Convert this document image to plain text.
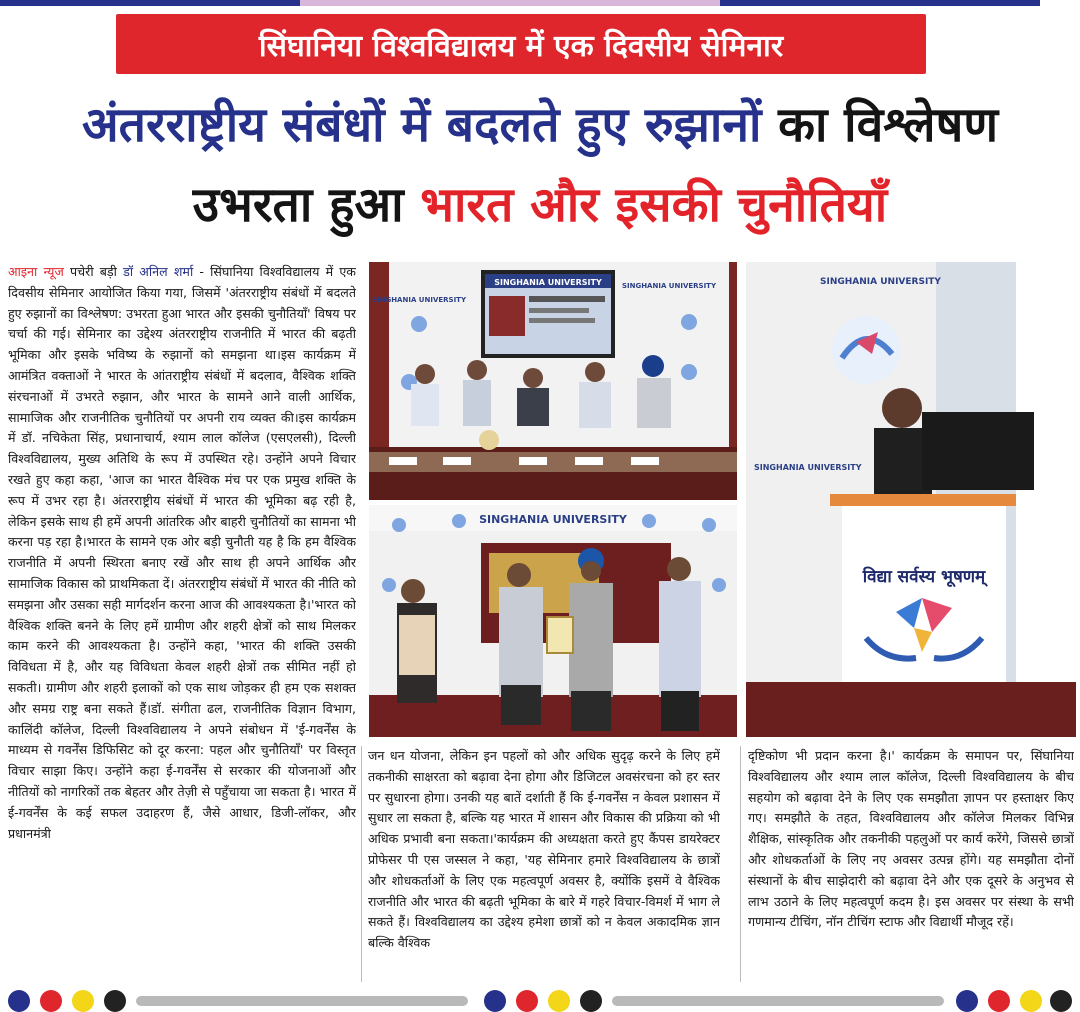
सिंघानिया विश्वविद्यालय में एक दिवसीय सेमिनार
अंतरराष्ट्रीय संबंधों में बदलते हुए रुझानों का विश्लेषण
उभरता हुआ भारत और इसकी चुनौतियाँ
आइना न्यूज पचेरी बड़ी डॉ अनिल शर्मा - सिंघानिया विश्वविद्यालय में एक दिवसीय सेमिनार आयोजित किया गया, जिसमें 'अंतरराष्ट्रीय संबंधों में बदलते हुए रुझानों का विश्लेषण: उभरता हुआ भारत और इसकी चुनौतियाँ' विषय पर चर्चा की गई। सेमिनार का उद्देश्य अंतरराष्ट्रीय राजनीति में भारत की बढ़ती भूमिका और इसके भविष्य के रुझानों को समझना था।इस कार्यक्रम में आमंत्रित वक्ताओं ने भारत के आंतराष्ट्रीय संबंधों में बदलाव, वैश्विक शक्ति संरचनाओं में उभरते रुझान, और भारत के सामने आने वाली आर्थिक, सामाजिक और राजनीतिक चुनौतियों पर अपनी राय व्यक्त की।इस कार्यक्रम में डॉ. नचिकेता सिंह, प्रधानाचार्य, श्याम लाल कॉलेज (एसएलसी), दिल्ली विश्वविद्यालय, मुख्य अतिथि के रूप में उपस्थित रहे। उन्होंने अपने विचार रखते हुए कहा कहा, 'आज का भारत वैश्विक मंच पर एक प्रमुख शक्ति के रूप में उभर रहा है। अंतरराष्ट्रीय संबंधों में भारत की भूमिका बढ़ रही है, लेकिन इसके साथ ही हमें अपनी आंतरिक और बाहरी चुनौतियों का सामना भी करना पड़ रहा है।भारत के सामने एक ओर बड़ी चुनौती यह है कि हम वैश्विक राजनीति में अपनी स्थिरता बनाए रखें और साथ ही अपने आर्थिक और सामाजिक विकास को प्राथमिकता दें। अंतरराष्ट्रीय संबंधों में भारत की नीति को समझना और उसका सही मार्गदर्शन करना आज की आवश्यकता है।'भारत को वैश्विक शक्ति बनने के लिए हमें ग्रामीण और शहरी क्षेत्रों को साथ मिलकर काम करने की आवश्यकता है। उन्होंने कहा, 'भारत की शक्ति उसकी विविधता में है, और यह विविधता केवल शहरी क्षेत्रों तक सीमित नहीं हो सकती। ग्रामीण और शहरी इलाकों को एक साथ जोड़कर ही हम एक सशक्त और समग्र राष्ट्र बना सकते हैं।डॉ. संगीता ढल, राजनीतिक विज्ञान विभाग, कालिंदी कॉलेज, दिल्ली विश्वविद्यालय ने अपने संबोधन में 'ई-गवर्नेंस के माध्यम से गवर्नेंस डिफिसिट को दूर करना: पहल और चुनौतियाँ' पर विस्तृत विचार साझा किए। उन्होंने कहा ई-गवर्नेंस से सरकार की योजनाओं और नीतियों को नागरिकों तक बेहतर और तेज़ी से पहुँचाया जा सकता है। भारत में ई-गवर्नेंस के कई सफल उदाहरण हैं, जैसे आधार, डिजी-लॉकर, और प्रधानमंत्री
SINGHANIA UNIVERSITY	SINGHANIA UNIVERSITY
SINGHANIA UNIVERSITY
SINGHANIA UNIVERSITY
SINGHANIA UNIVERSITY
SINGHANIA UNIVERSITY
विद्या सर्वस्य भूषणम्
जन धन योजना, लेकिन इन पहलों को और अधिक सुदृढ़ करने के लिए हमें तकनीकी साक्षरता को बढ़ावा देना होगा और डिजिटल अवसंरचना को हर स्तर पर सुधारना होगा। उनकी यह बातें दर्शाती हैं कि ई-गवर्नेंस न केवल प्रशासन में सुधार ला सकता है, बल्कि यह भारत में शासन और विकास की प्रक्रिया को भी अधिक प्रभावी बना सकता।'कार्यक्रम की अध्यक्षता करते हुए कैंपस डायरेक्टर प्रोफेसर पी एस जस्सल ने कहा, 'यह सेमिनार हमारे विश्वविद्यालय के छात्रों और शोधकर्ताओं के लिए एक महत्वपूर्ण अवसर है, क्योंकि इसमें वे वैश्विक राजनीति और भारत की बढ़ती भूमिका के बारे में गहरे विचार-विमर्श में भाग ले सकते हैं। विश्वविद्यालय का उद्देश्य हमेशा छात्रों को न केवल अकादमिक ज्ञान बल्कि वैश्विक
दृष्टिकोण भी प्रदान करना है।' कार्यक्रम के समापन पर, सिंघानिया विश्वविद्यालय और श्याम लाल कॉलेज, दिल्ली विश्वविद्यालय के बीच सहयोग को बढ़ावा देने के लिए एक समझौता ज्ञापन पर हस्ताक्षर किए गए। समझौते के तहत, विश्वविद्यालय और कॉलेज मिलकर विभिन्न शैक्षिक, सांस्कृतिक और तकनीकी पहलुओं पर कार्य करेंगे, जिससे छात्रों और शोधकर्ताओं के लिए नए अवसर उत्पन्न होंगे। यह समझौता दोनों संस्थानों के बीच साझेदारी को बढ़ावा देने और एक दूसरे के अनुभव से लाभ उठाने के लिए महत्वपूर्ण कदम है। इस अवसर पर संस्था के सभी गणमान्य टीचिंग, नॉन टीचिंग स्टाफ और विद्यार्थी मौजूद रहें।
